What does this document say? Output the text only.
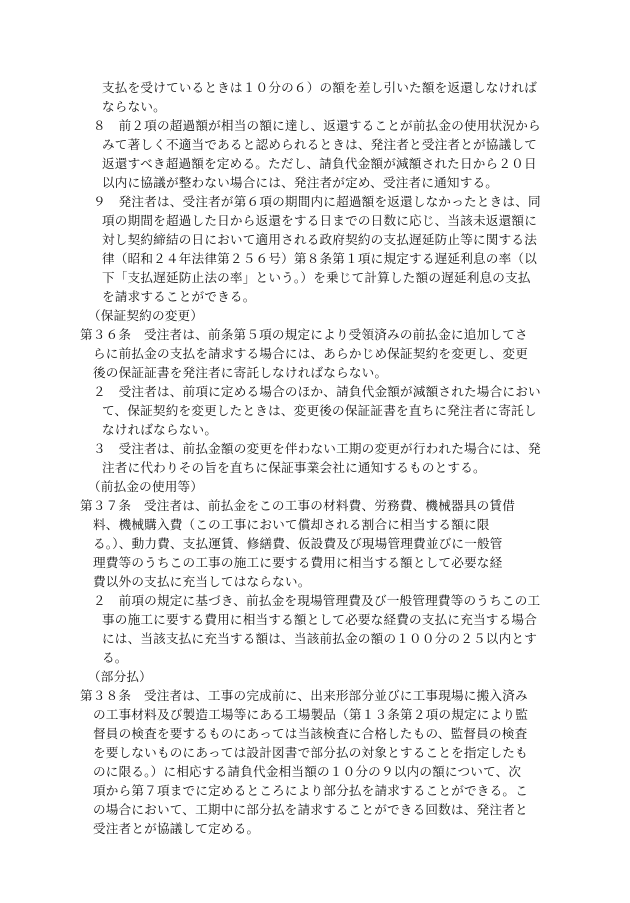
支払を受けているときは１０分の６）の額を差し引いた額を返還しなければ
ならない。
８　前２項の超過額が相当の額に達し、返還することが前払金の使用状況から
みて著しく不適当であると認められるときは、発注者と受注者とが協議して
返還すべき超過額を定める。ただし、請負代金額が減額された日から２０日
以内に協議が整わない場合には、発注者が定め、受注者に通知する。
９　発注者は、受注者が第６項の期間内に超過額を返還しなかったときは、同
項の期間を超過した日から返還をする日までの日数に応じ、当該未返還額に
対し契約締結の日において適用される政府契約の支払遅延防止等に関する法
律（昭和２４年法律第２５６号）第８条第１項に規定する遅延利息の率（以
下「支払遅延防止法の率」という。）を乗じて計算した額の遅延利息の支払
を請求することができる。
（保証契約の変更）
第３６条　受注者は、前条第５項の規定により受領済みの前払金に追加してさ
らに前払金の支払を請求する場合には、あらかじめ保証契約を変更し、変更
後の保証証書を発注者に寄託しなければならない。
２　受注者は、前項に定める場合のほか、請負代金額が減額された場合におい
て、保証契約を変更したときは、変更後の保証証書を直ちに発注者に寄託し
なければならない。
３　受注者は、前払金額の変更を伴わない工期の変更が行われた場合には、発
注者に代わりその旨を直ちに保証事業会社に通知するものとする。
（前払金の使用等）
第３７条　受注者は、前払金をこの工事の材料費、労務費、機械器具の賃借
料、機械購入費（この工事において償却される割合に相当する額に限
る。）、動力費、支払運賃、修繕費、仮設費及び現場管理費並びに一般管
理費等のうちこの工事の施工に要する費用に相当する額として必要な経
費以外の支払に充当してはならない。
２　前項の規定に基づき、前払金を現場管理費及び一般管理費等のうちこの工
事の施工に要する費用に相当する額として必要な経費の支払に充当する場合
には、当該支払に充当する額は、当該前払金の額の１００分の２５以内とす
る。
（部分払）
第３８条　受注者は、工事の完成前に、出来形部分並びに工事現場に搬入済み
の工事材料及び製造工場等にある工場製品（第１３条第２項の規定により監
督員の検査を要するものにあっては当該検査に合格したもの、監督員の検査
を要しないものにあっては設計図書で部分払の対象とすることを指定したも
のに限る。）に相応する請負代金相当額の１０分の９以内の額について、次
項から第７項までに定めるところにより部分払を請求することができる。こ
の場合において、工期中に部分払を請求することができる回数は、発注者と
受注者とが協議して定める。
